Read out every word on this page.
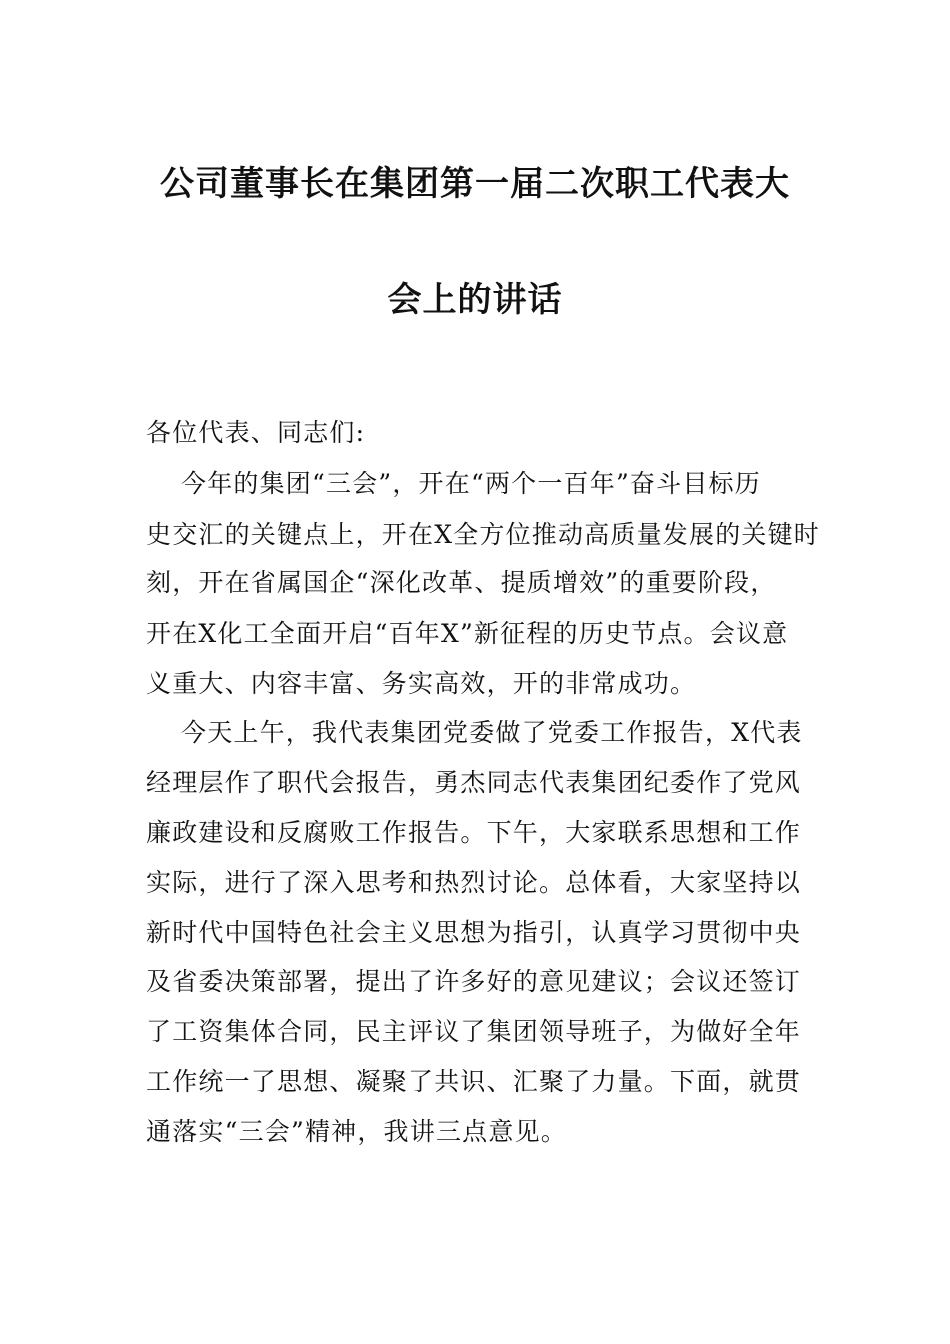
公司董事长在集团第一届二次职工代表大
会上的讲话
各位代表、同志们:
今年的集团“三会”，开在“两个一百年”奋斗目标历
史交汇的关键点上，开在X全方位推动高质量发展的关键时
刻，开在省属国企“深化改革、提质增效”的重要阶段，
开在X化工全面开启“百年X”新征程的历史节点。会议意
义重大、内容丰富、务实高效，开的非常成功。
今天上午，我代表集团党委做了党委工作报告，X代表
经理层作了职代会报告，勇杰同志代表集团纪委作了党风
廉政建设和反腐败工作报告。下午，大家联系思想和工作
实际，进行了深入思考和热烈讨论。总体看，大家坚持以
新时代中国特色社会主义思想为指引，认真学习贯彻中央
及省委决策部署，提出了许多好的意见建议；会议还签订
了工资集体合同，民主评议了集团领导班子，为做好全年
工作统一了思想、凝聚了共识、汇聚了力量。下面，就贯
通落实“三会”精神，我讲三点意见。
